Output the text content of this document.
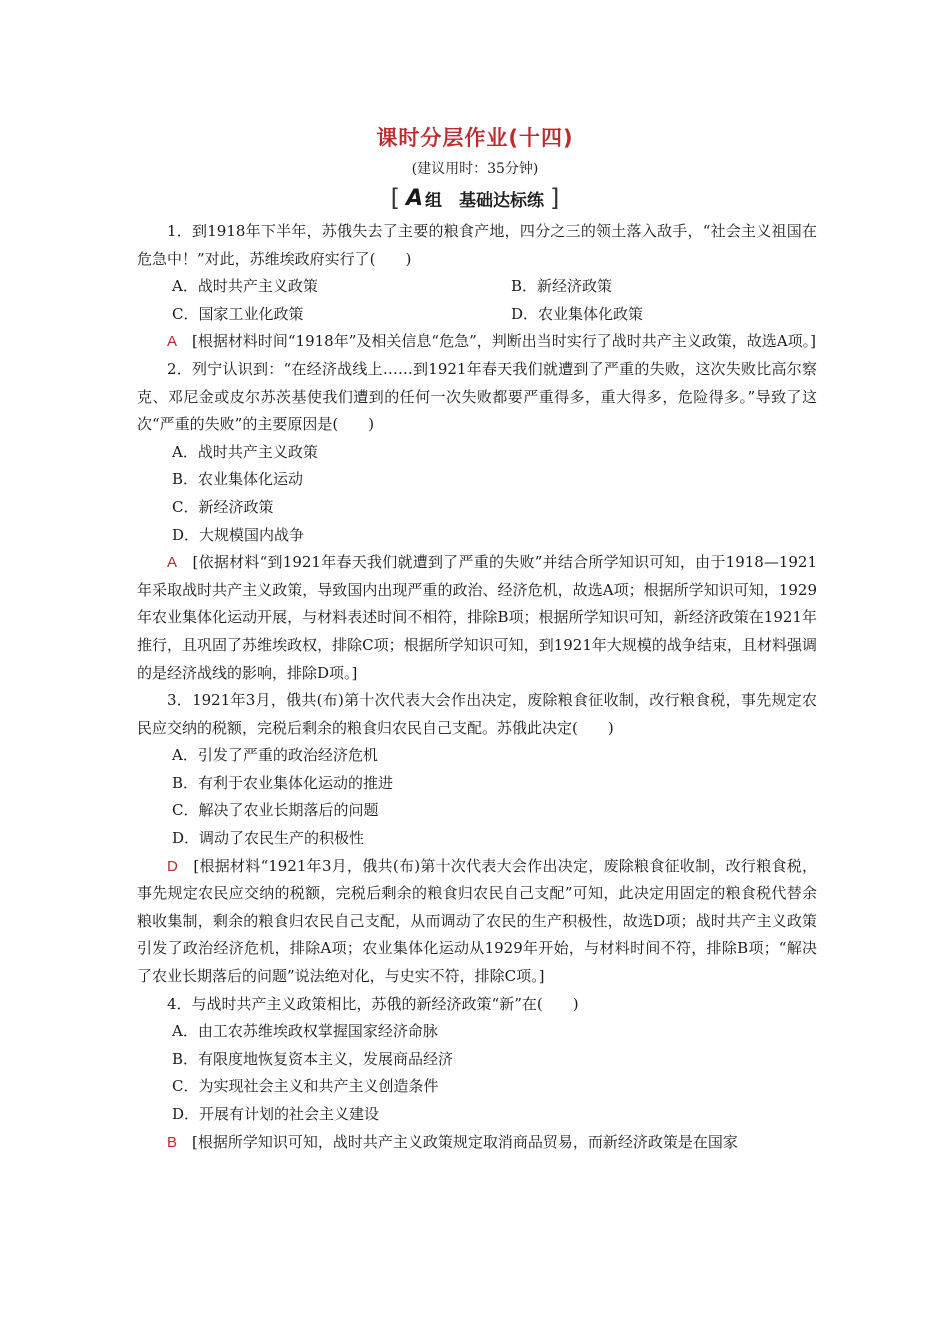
课时分层作业(十四)
(建议用时：35分钟)
[ A 组　基础达标练 ]

1．到1918年下半年，苏俄失去了主要的粮食产地，四分之三的领土落入敌手，“社会主义祖国在危急中！”对此，苏维埃政府实行了(　　)

A．战时共产主义政策	B．新经济政策

C．国家工业化政策	D．农业集体化政策

A　 [根据材料时间“1918年”及相关信息“危急”，判断出当时实行了战时共产主义政策，故选A项。]

2．列宁认识到：“在经济战线上……到1921年春天我们就遭到了严重的失败，这次失败比高尔察克、邓尼金或皮尔苏茨基使我们遭到的任何一次失败都要严重得多，重大得多，危险得多。”导致了这次“严重的失败”的主要原因是(　　)

A．战时共产主义政策

B．农业集体化运动

C．新经济政策

D．大规模国内战争

A　 [依据材料“到1921年春天我们就遭到了严重的失败”并结合所学知识可知，由于1918—1921年采取战时共产主义政策，导致国内出现严重的政治、经济危机，故选A项；根据所学知识可知，1929年农业集体化运动开展，与材料表述时间不相符，排除B项；根据所学知识可知，新经济政策在1921年推行，且巩固了苏维埃政权，排除C项；根据所学知识可知，到1921年大规模的战争结束，且材料强调的是经济战线的影响，排除D项。]

3．1921年3月，俄共(布)第十次代表大会作出决定，废除粮食征收制，改行粮食税，事先规定农民应交纳的税额，完税后剩余的粮食归农民自己支配。苏俄此决定(　　)

A．引发了严重的政治经济危机

B．有利于农业集体化运动的推进

C．解决了农业长期落后的问题

D．调动了农民生产的积极性

D　 [根据材料“1921年3月，俄共(布)第十次代表大会作出决定，废除粮食征收制，改行粮食税，事先规定农民应交纳的税额，完税后剩余的粮食归农民自己支配”可知，此决定用固定的粮食税代替余粮收集制，剩余的粮食归农民自己支配，从而调动了农民的生产积极性，故选D项；战时共产主义政策引发了政治经济危机，排除A项；农业集体化运动从1929年开始，与材料时间不符，排除B项；“解决了农业长期落后的问题”说法绝对化，与史实不符，排除C项。]

4．与战时共产主义政策相比，苏俄的新经济政策“新”在(　　)

A．由工农苏维埃政权掌握国家经济命脉

B．有限度地恢复资本主义，发展商品经济

C．为实现社会主义和共产主义创造条件

D．开展有计划的社会主义建设

B　 [根据所学知识可知，战时共产主义政策规定取消商品贸易，而新经济政策是在国家
